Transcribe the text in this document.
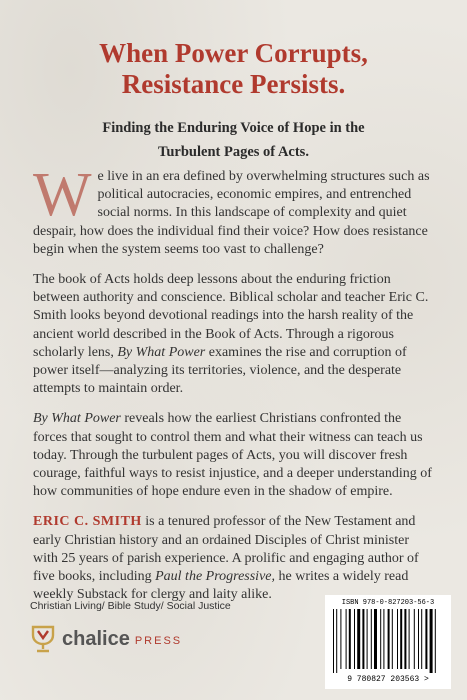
When Power Corrupts,
Resistance Persists.
Finding the Enduring Voice of Hope in the
Turbulent Pages of Acts.

We live in an era defined by overwhelming structures such as political autocracies, economic empires, and entrenched social norms. In this landscape of complexity and quiet despair, how does the individual find their voice? How does resistance begin when the system seems too vast to challenge?

The book of Acts holds deep lessons about the enduring friction between authority and conscience. Biblical scholar and teacher Eric C. Smith looks beyond devotional readings into the harsh reality of the ancient world described in the Book of Acts. Through a rigorous scholarly lens, By What Power examines the rise and corruption of power itself—analyzing its territories, violence, and the desperate attempts to maintain order.

By What Power reveals how the earliest Christians confronted the forces that sought to control them and what their witness can teach us today. Through the turbulent pages of Acts, you will discover fresh courage, faithful ways to resist injustice, and a deeper understanding of how communities of hope endure even in the shadow of empire.

ERIC C. SMITH is a tenured professor of the New Testament and early Christian history and an ordained Disciples of Christ minister with 25 years of parish experience. A prolific and engaging author of five books, including Paul the Progressive, he writes a widely read weekly Substack for clergy and laity alike.

Christian Living/ Bible Study/ Social Justice
chalice PRESS
ISBN 978-0-827203-56-3
9 780827 203563 >
